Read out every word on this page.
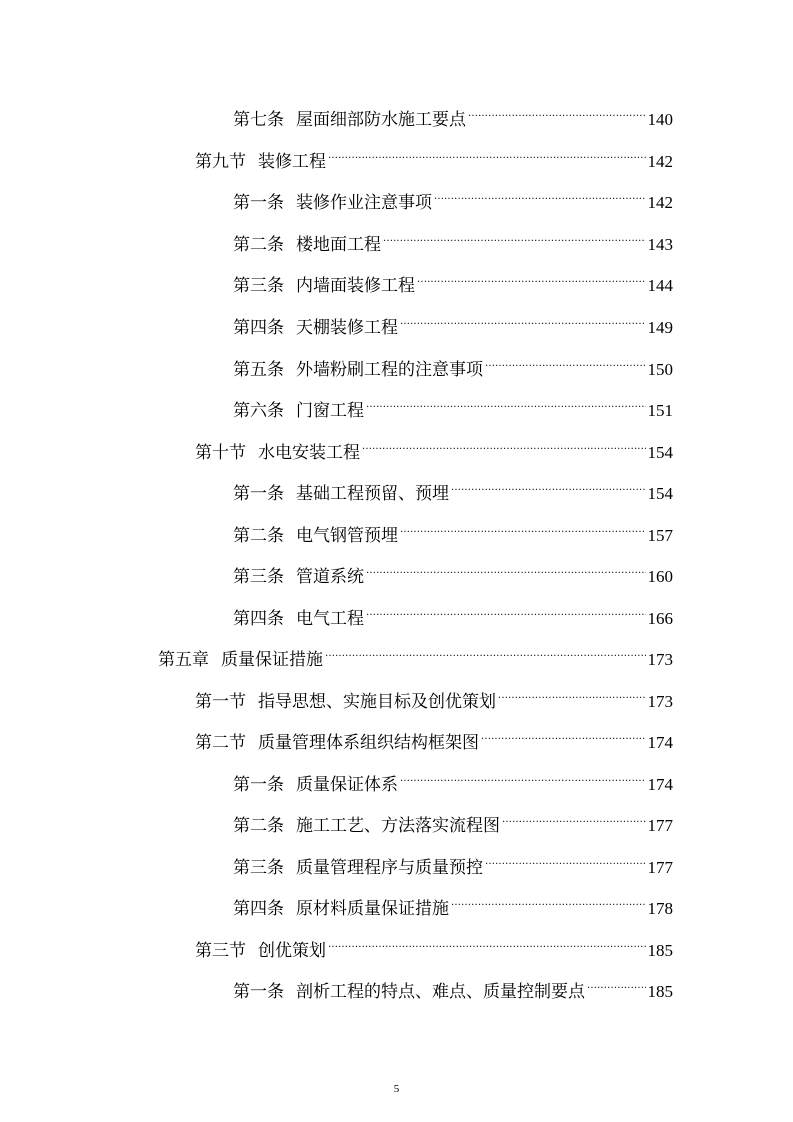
第七条 屋面细部防水施工要点 . . .	140
第九节 装修工程 . . .	142
第一条 装修作业注意事项 . . .	142
第二条 楼地面工程 . . .	143
第三条 内墙面装修工程 . . .	144
第四条 天棚装修工程 . . .	149
第五条 外墙粉刷工程的注意事项 . . .	150
第六条 门窗工程 . . .	151
第十节 水电安装工程 . . .	154
第一条 基础工程预留、预埋 . . .	154
第二条 电气钢管预埋 . . .	157
第三条 管道系统 . . .	160
第四条 电气工程 . . .	166
第五章 质量保证措施 . . .	173
第一节 指导思想、实施目标及创优策划 . . .	173
第二节 质量管理体系组织结构框架图 . . .	174
第一条 质量保证体系 . . .	174
第二条 施工工艺、方法落实流程图 . . .	177
第三条 质量管理程序与质量预控 . . .	177
第四条 原材料质量保证措施 . . .	178
第三节 创优策划 . . .	185
第一条 剖析工程的特点、难点、质量控制要点 . . .	185
5
